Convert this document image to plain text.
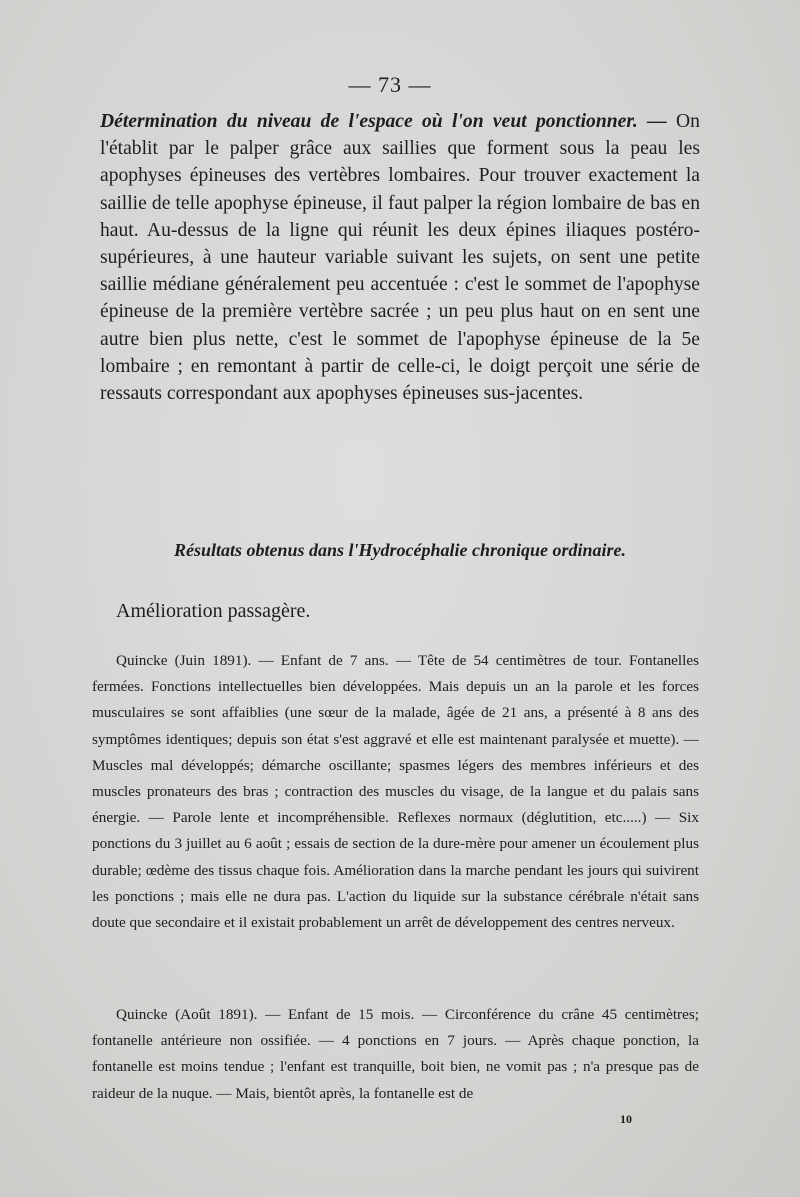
— 73 —

Détermination du niveau de l'espace où l'on veut ponctionner. — On l'établit par le palper grâce aux saillies que forment sous la peau les apophyses épineuses des vertèbres lombaires. Pour trouver exactement la saillie de telle apophyse épineuse, il faut palper la région lombaire de bas en haut. Au-dessus de la ligne qui réunit les deux épines iliaques postéro-supérieures, à une hauteur variable suivant les sujets, on sent une petite saillie médiane généralement peu accentuée : c'est le sommet de l'apophyse épineuse de la première vertèbre sacrée ; un peu plus haut on en sent une autre bien plus nette, c'est le sommet de l'apophyse épineuse de la 5e lombaire ; en remontant à partir de celle-ci, le doigt perçoit une série de ressauts correspondant aux apophyses épineuses sus-jacentes.

Résultats obtenus dans l'Hydrocéphalie chronique ordinaire.
Amélioration passagère.

Quincke (Juin 1891). — Enfant de 7 ans. — Tête de 54 centimètres de tour. Fontanelles fermées. Fonctions intellectuelles bien développées. Mais depuis un an la parole et les forces musculaires se sont affaiblies (une sœur de la malade, âgée de 21 ans, a présenté à 8 ans des symptômes identiques; depuis son état s'est aggravé et elle est maintenant paralysée et muette). — Muscles mal développés; démarche oscillante; spasmes légers des membres inférieurs et des muscles pronateurs des bras ; contraction des muscles du visage, de la langue et du palais sans énergie. — Parole lente et incompréhensible. Reflexes normaux (déglutition, etc.....) — Six ponctions du 3 juillet au 6 août ; essais de section de la dure-mère pour amener un écoulement plus durable; œdème des tissus chaque fois. Amélioration dans la marche pendant les jours qui suivirent les ponctions ; mais elle ne dura pas. L'action du liquide sur la substance cérébrale n'était sans doute que secondaire et il existait probablement un arrêt de développement des centres nerveux.

Quincke (Août 1891). — Enfant de 15 mois. — Circonférence du crâne 45 centimètres; fontanelle antérieure non ossifiée. — 4 ponctions en 7 jours. — Après chaque ponction, la fontanelle est moins tendue ; l'enfant est tranquille, boit bien, ne vomit pas ; n'a presque pas de raideur de la nuque. — Mais, bientôt après, la fontanelle est de

10
